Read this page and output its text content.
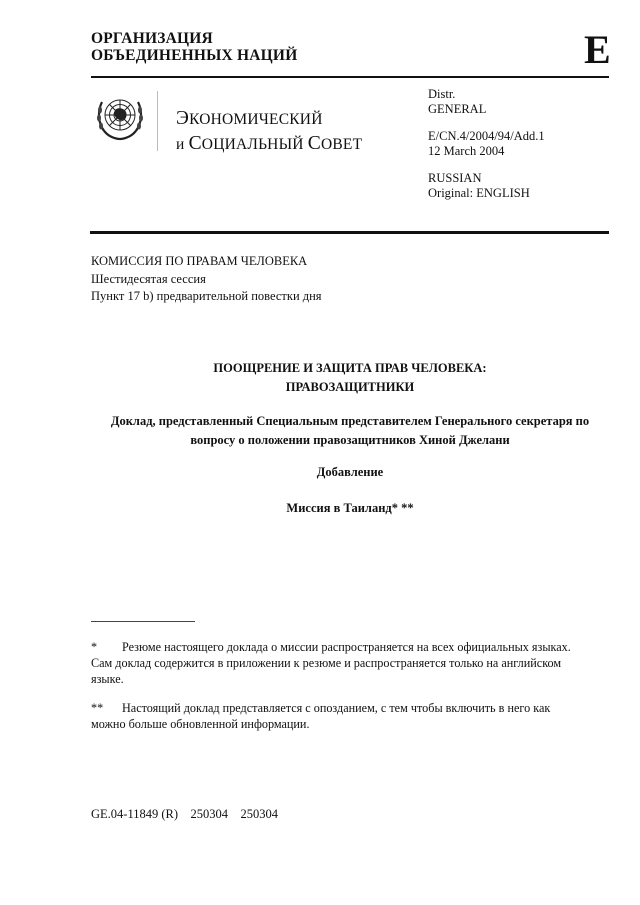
ОРГАНИЗАЦИЯ
ОБЪЕДИНЕННЫХ НАЦИЙ	E
ЭКОНОМИЧЕСКИЙ
и СОЦИАЛЬНЫЙ СОВЕТ

Distr.

GENERAL

E/CN.4/2004/94/Add.1

12 March 2004

RUSSIAN

Original: ENGLISH

КОМИССИЯ ПО ПРАВАМ ЧЕЛОВЕКА

Шестидесятая сессия

Пункт 17 b) предварительной повестки дня

ПООЩРЕНИЕ И ЗАЩИТА ПРАВ ЧЕЛОВЕКА:
ПРАВОЗАЩИТНИКИ
Доклад, представленный Специальным представителем Генерального секретаря по
вопросу о положении правозащитников Хиной Джелани
Добавление
Миссия в Таиланд* **
* Резюме настоящего доклада о миссии распространяется на всех официальных языках. Сам доклад содержится в приложении к резюме и распространяется только на английском языке.
** Настоящий доклад представляется с опозданием, с тем чтобы включить в него как можно больше обновленной информации.
GE.04-11849 (R)    250304    250304
